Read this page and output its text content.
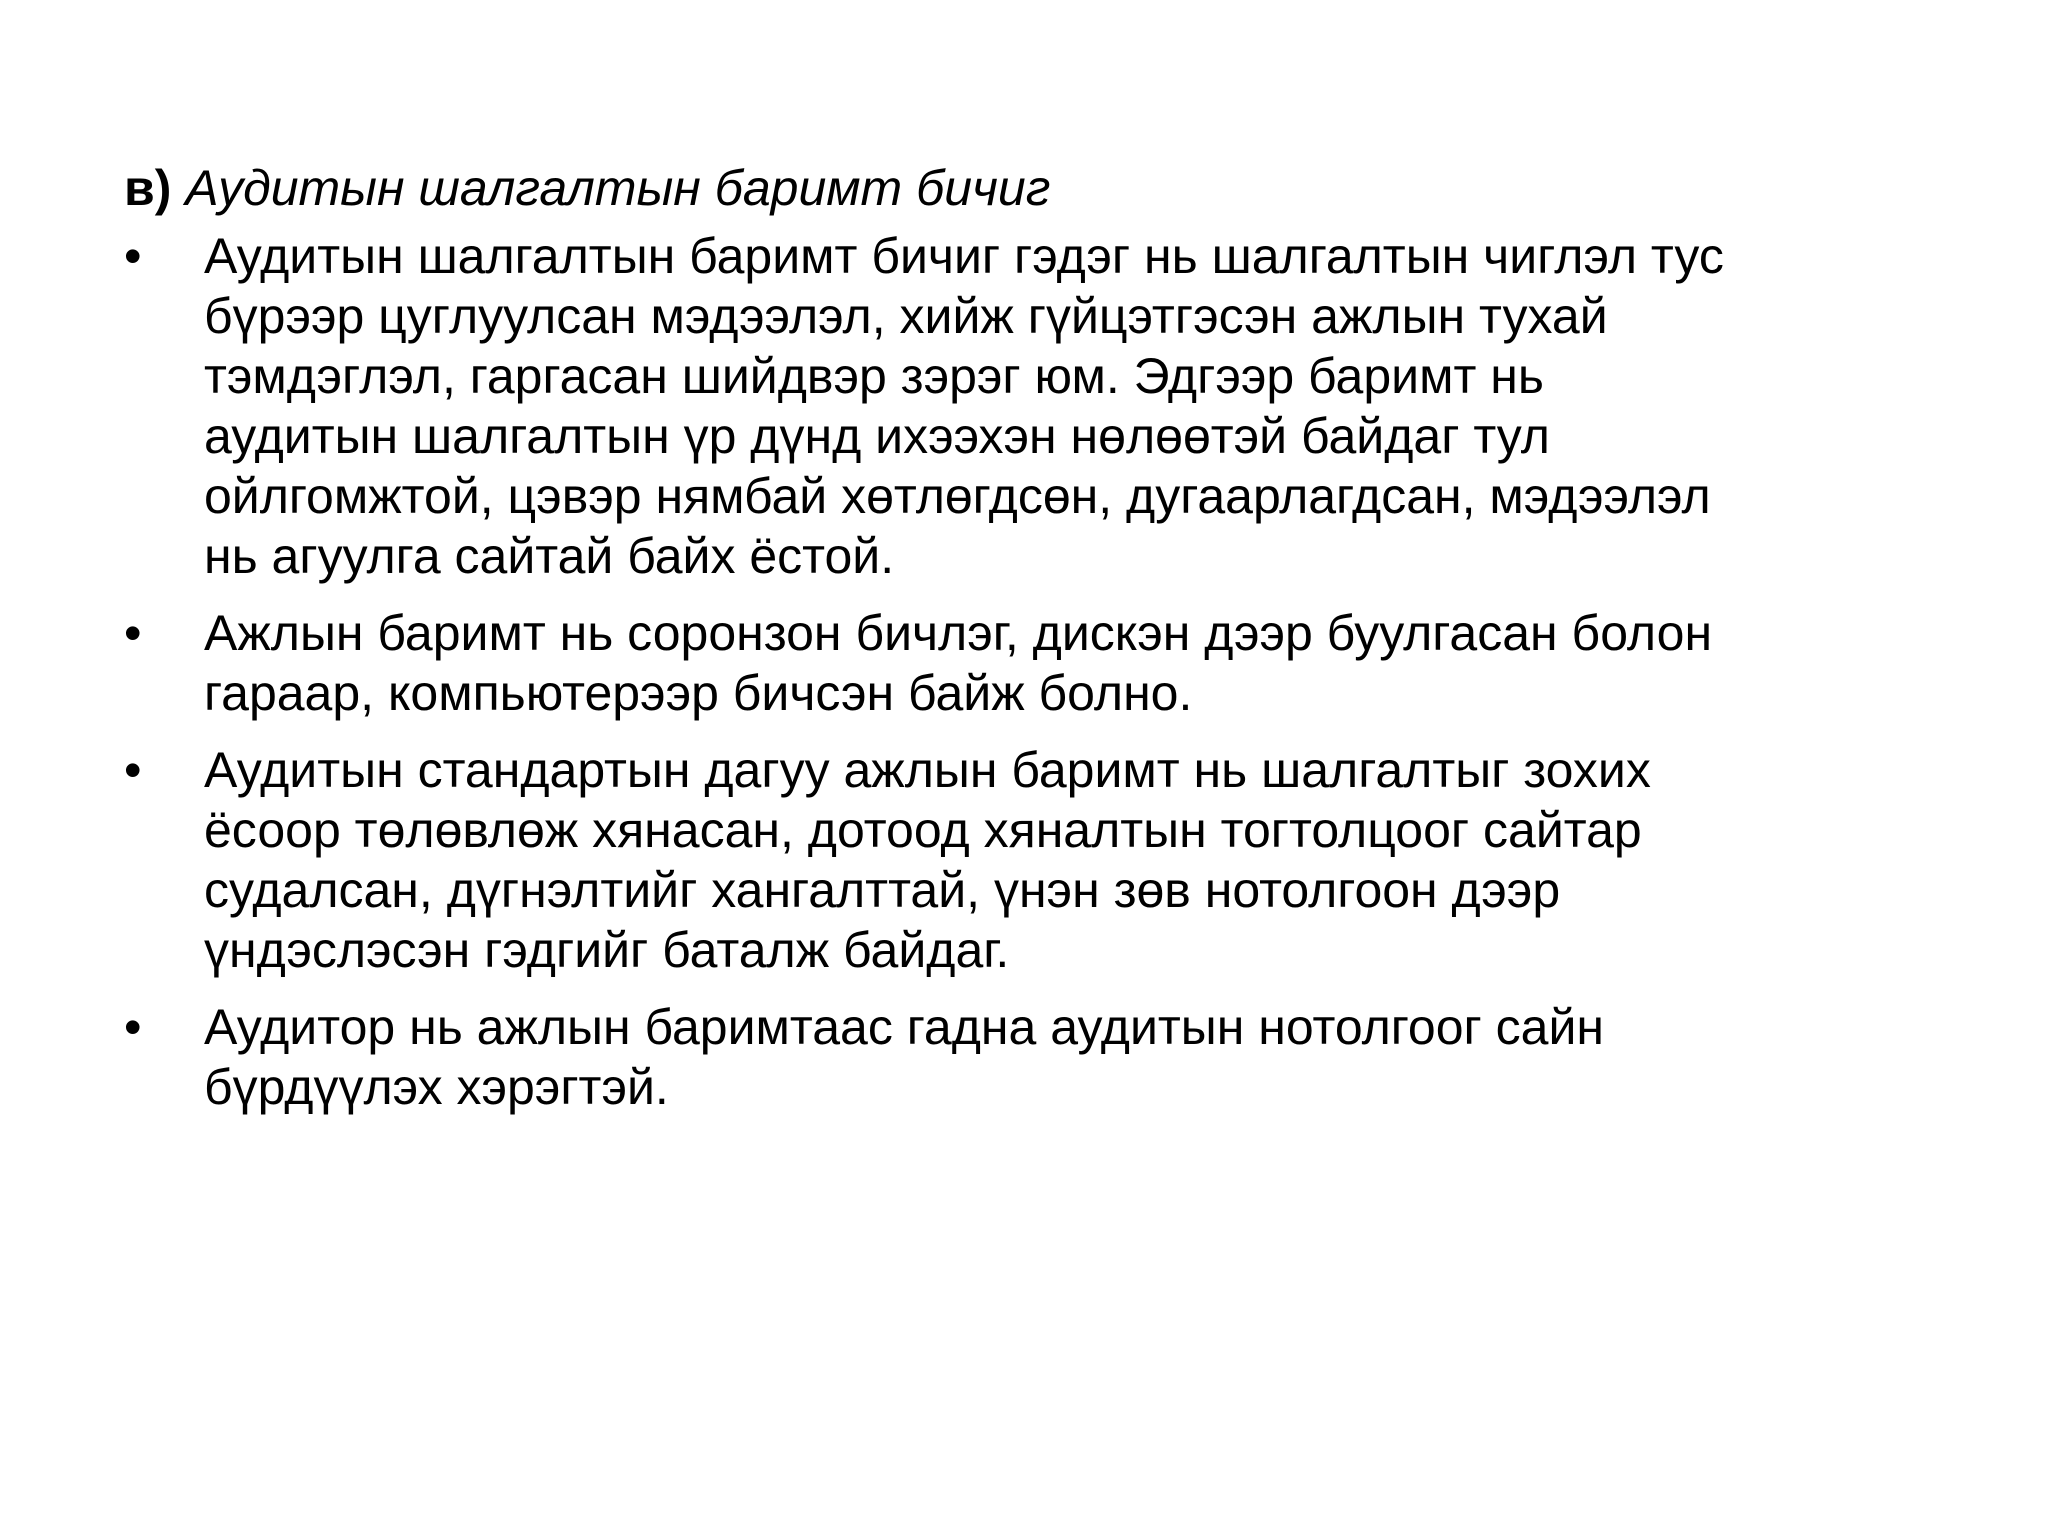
в) Аудитын шалгалтын баримт бичиг
• Аудитын шалгалтын баримт бичиг гэдэг нь шалгалтын чиглэл тус
бүрээр цуглуулсан мэдээлэл, хийж гүйцэтгэсэн ажлын тухай
тэмдэглэл, гаргасан шийдвэр зэрэг юм. Эдгээр баримт нь
аудитын шалгалтын үр дүнд ихээхэн нөлөөтэй байдаг тул
ойлгомжтой, цэвэр нямбай хөтлөгдсөн, дугаарлагдсан, мэдээлэл
нь агуулга сайтай байх ёстой.
• Ажлын баримт нь соронзон бичлэг, дискэн дээр буулгасан болон
гараар, компьютерээр бичсэн байж болно.
• Аудитын стандартын дагуу ажлын баримт нь шалгалтыг зохих
ёсоор төлөвлөж хянасан, дотоод хяналтын тогтолцоог сайтар
судалсан, дүгнэлтийг хангалттай, үнэн зөв нотолгоон дээр
үндэслэсэн гэдгийг баталж байдаг.
• Аудитор нь ажлын баримтаас гадна аудитын нотолгоог сайн
бүрдүүлэх хэрэгтэй.
